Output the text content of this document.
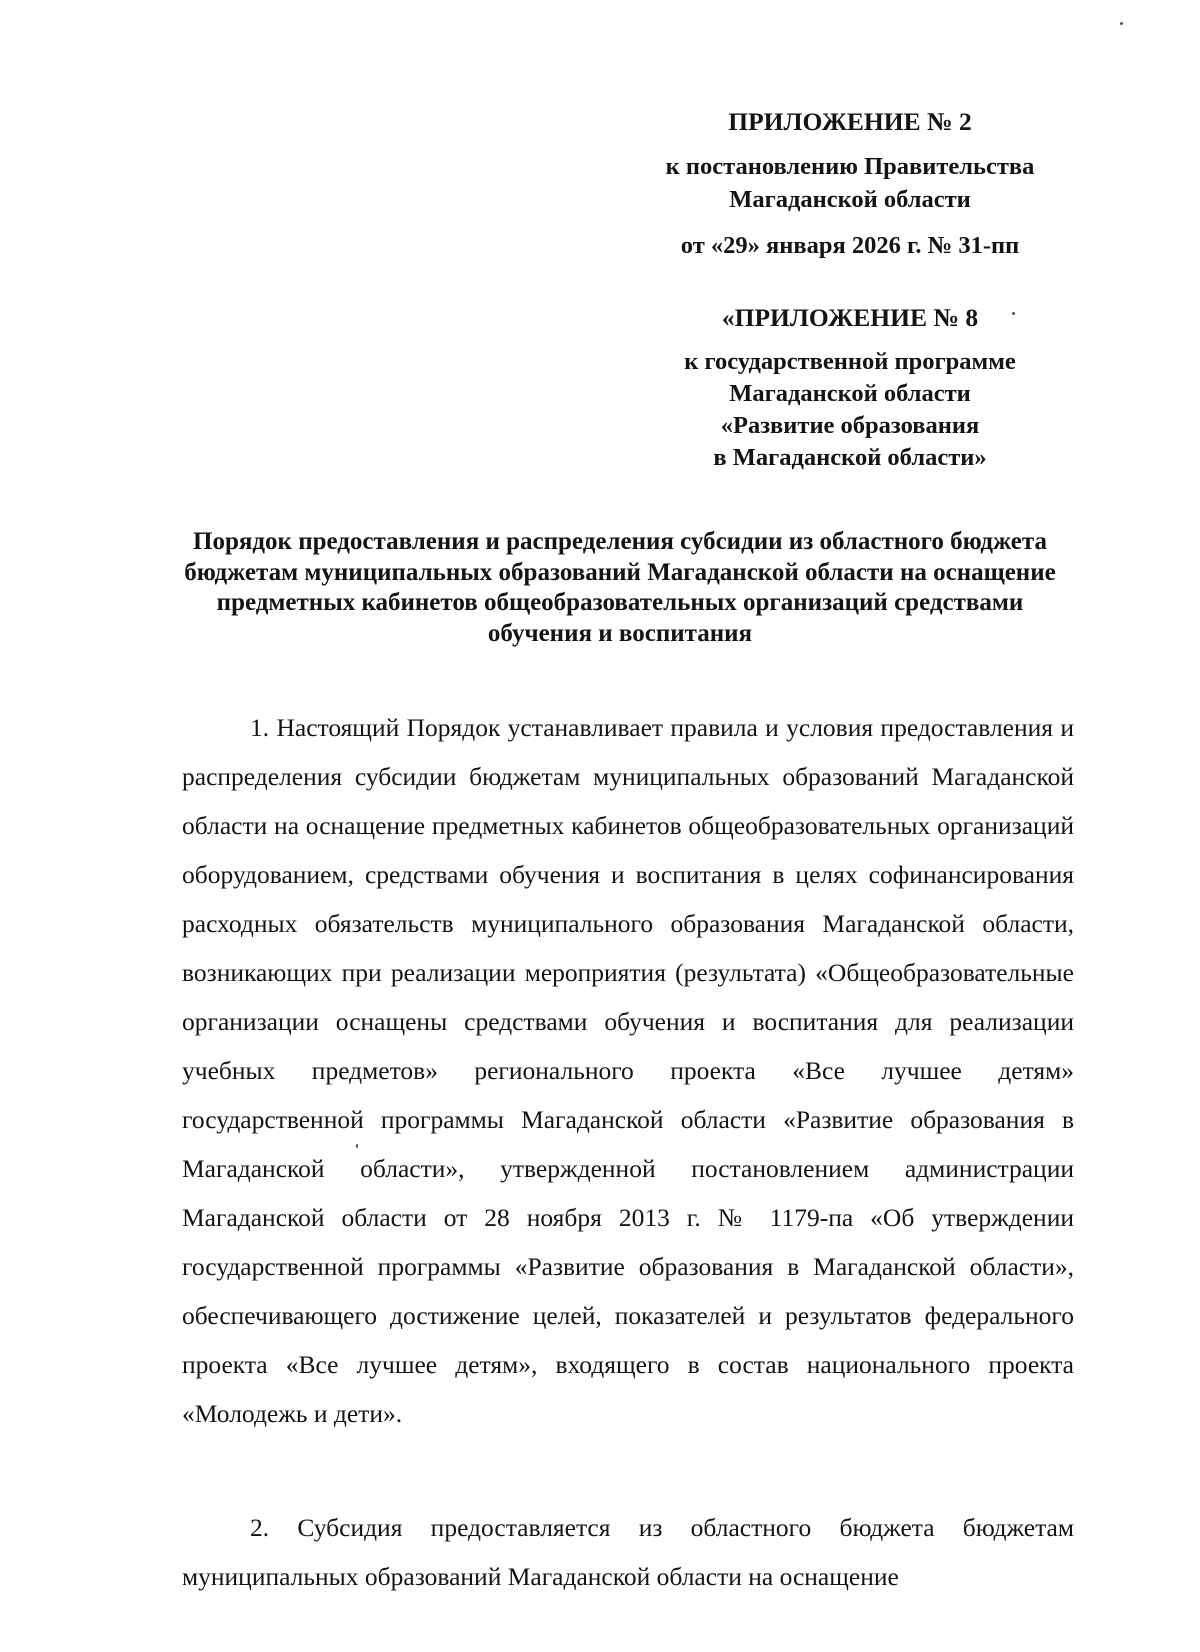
ПРИЛОЖЕНИЕ № 2

к постановлению Правительства

Магаданской области

от «29» января 2026 г. № 31-пп

«ПРИЛОЖЕНИЕ № 8

к государственной программе

Магаданской области

«Развитие образования

в Магаданской области»

Порядок предоставления и распределения субсидии из областного бюджета бюджетам муниципальных образований Магаданской области на оснащение предметных кабинетов общеобразовательных организаций средствами обучения и воспитания

1. Настоящий Порядок устанавливает правила и условия предоставления и распределения субсидии бюджетам муниципальных образований Магаданской области на оснащение предметных кабинетов общеобразовательных организаций оборудованием, средствами обучения и воспитания в целях софинансирования расходных обязательств муниципального образования Магаданской области, возникающих при реализации мероприятия (результата) «Общеобразовательные организации оснащены средствами обучения и воспитания для реализации учебных предметов» регионального проекта «Все лучшее детям» государственной программы Магаданской области «Развитие образования в Магаданской области», утвержденной постановлением администрации Магаданской области от 28 ноября 2013 г. № 1179-па «Об утверждении государственной программы «Развитие образования в Магаданской области», обеспечивающего достижение целей, показателей и результатов федерального проекта «Все лучшее детям», входящего в состав национального проекта «Молодежь и дети».

2. Субсидия предоставляется из областного бюджета бюджетам муниципальных образований Магаданской области на оснащение
